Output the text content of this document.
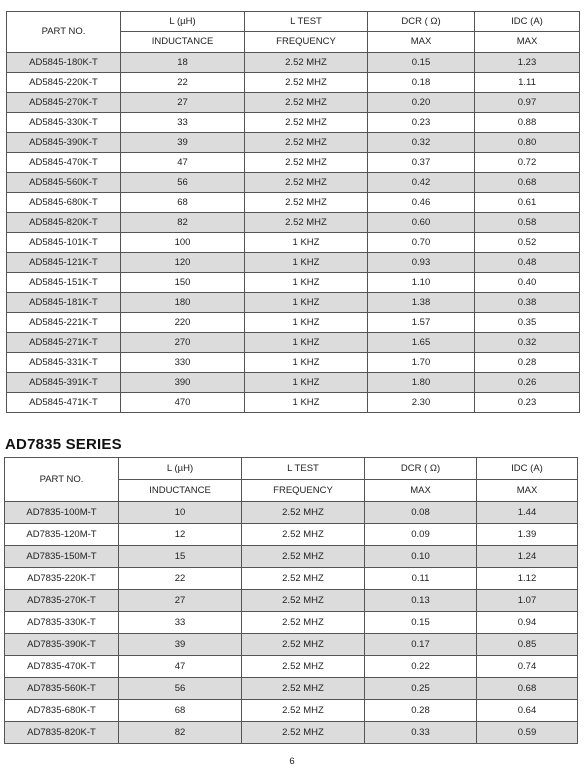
PART NO.	L (µH)	L TEST	DCR ( Ω)	IDC (A)
	INDUCTANCE	FREQUENCY	MAX	MAX
AD5845-180K-T	18	2.52 MHZ	0.15	1.23
AD5845-220K-T	22	2.52 MHZ	0.18	1.11
AD5845-270K-T	27	2.52 MHZ	0.20	0.97
AD5845-330K-T	33	2.52 MHZ	0.23	0.88
AD5845-390K-T	39	2.52 MHZ	0.32	0.80
AD5845-470K-T	47	2.52 MHZ	0.37	0.72
AD5845-560K-T	56	2.52 MHZ	0.42	0.68
AD5845-680K-T	68	2.52 MHZ	0.46	0.61
AD5845-820K-T	82	2.52 MHZ	0.60	0.58
AD5845-101K-T	100	1 KHZ	0.70	0.52
AD5845-121K-T	120	1 KHZ	0.93	0.48
AD5845-151K-T	150	1 KHZ	1.10	0.40
AD5845-181K-T	180	1 KHZ	1.38	0.38
AD5845-221K-T	220	1 KHZ	1.57	0.35
AD5845-271K-T	270	1 KHZ	1.65	0.32
AD5845-331K-T	330	1 KHZ	1.70	0.28
AD5845-391K-T	390	1 KHZ	1.80	0.26
AD5845-471K-T	470	1 KHZ	2.30	0.23
AD7835 SERIES
PART NO.	L (µH)	L TEST	DCR ( Ω)	IDC (A)
	INDUCTANCE	FREQUENCY	MAX	MAX
AD7835-100M-T	10	2.52 MHZ	0.08	1.44
AD7835-120M-T	12	2.52 MHZ	0.09	1.39
AD7835-150M-T	15	2.52 MHZ	0.10	1.24
AD7835-220K-T	22	2.52 MHZ	0.11	1.12
AD7835-270K-T	27	2.52 MHZ	0.13	1.07
AD7835-330K-T	33	2.52 MHZ	0.15	0.94
AD7835-390K-T	39	2.52 MHZ	0.17	0.85
AD7835-470K-T	47	2.52 MHZ	0.22	0.74
AD7835-560K-T	56	2.52 MHZ	0.25	0.68
AD7835-680K-T	68	2.52 MHZ	0.28	0.64
AD7835-820K-T	82	2.52 MHZ	0.33	0.59
6
